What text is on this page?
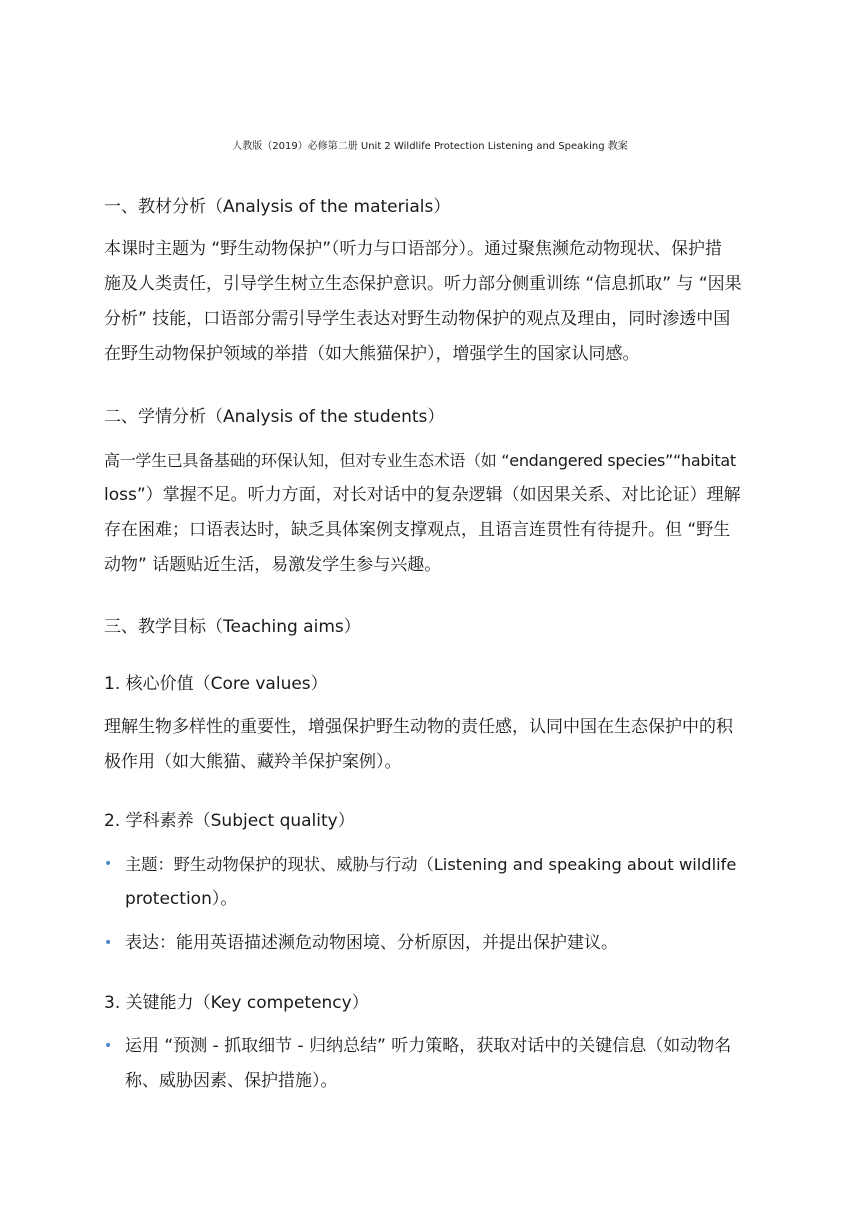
人教版（2019）必修第二册 Unit 2 Wildlife Protection Listening and Speaking 教案
一、教材分析（Analysis of the materials）
本课时主题为 “野生动物保护”（听力与口语部分）。通过聚焦濒危动物现状、保护措
施及人类责任，引导学生树立生态保护意识。听力部分侧重训练 “信息抓取” 与 “因果
分析” 技能，口语部分需引导学生表达对野生动物保护的观点及理由，同时渗透中国
在野生动物保护领域的举措（如大熊猫保护），增强学生的国家认同感。
二、学情分析（Analysis of the students）
高一学生已具备基础的环保认知，但对专业生态术语（如 “endangered species”“habitat
loss”）掌握不足。听力方面，对长对话中的复杂逻辑（如因果关系、对比论证）理解
存在困难；口语表达时，缺乏具体案例支撑观点，且语言连贯性有待提升。但 “野生
动物” 话题贴近生活，易激发学生参与兴趣。
三、教学目标（Teaching aims）
1. 核心价值（Core values）
理解生物多样性的重要性，增强保护野生动物的责任感，认同中国在生态保护中的积
极作用（如大熊猫、藏羚羊保护案例）。
2. 学科素养（Subject quality）
• 主题：野生动物保护的现状、威胁与行动（Listening and speaking about wildlife
protection）。
• 表达：能用英语描述濒危动物困境、分析原因，并提出保护建议。
3. 关键能力（Key competency）
• 运用 “预测 - 抓取细节 - 归纳总结” 听力策略，获取对话中的关键信息（如动物名
称、威胁因素、保护措施）。
